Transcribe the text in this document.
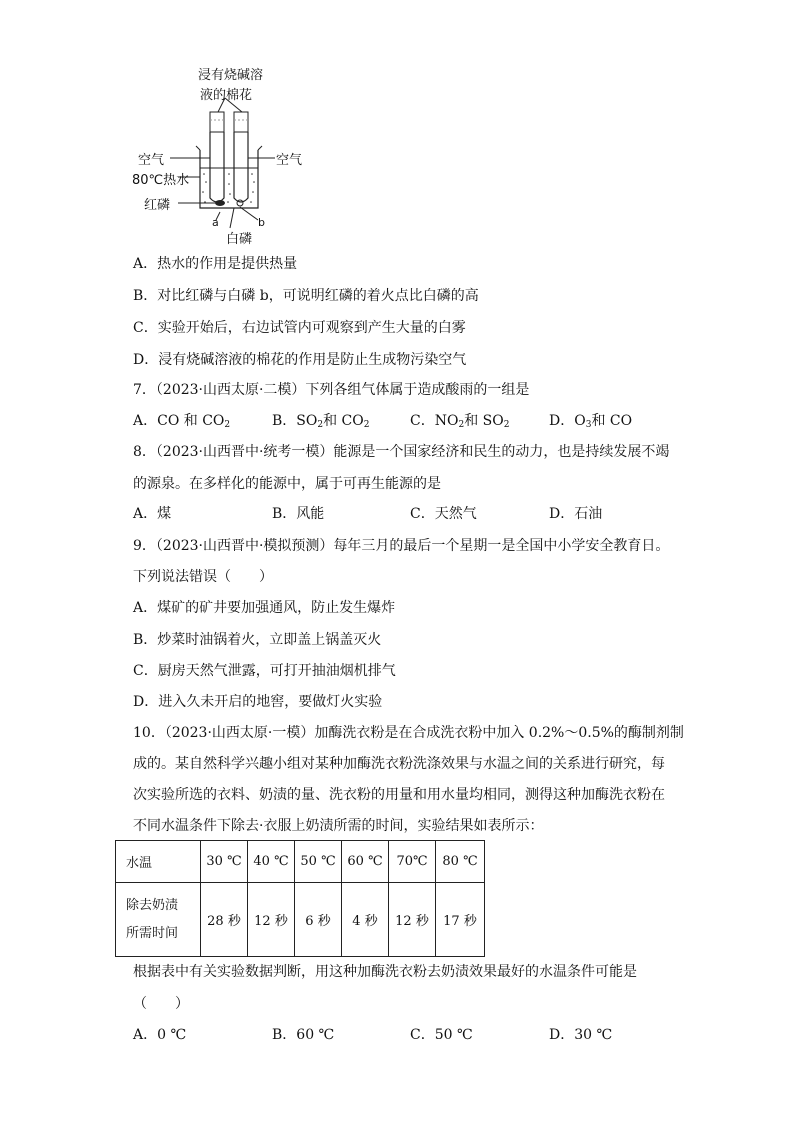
浸有烧碱溶
液的棉花
空气	空气
80℃热水
红磷
a	b
白磷
A．热水的作用是提供热量
B．对比红磷与白磷 b，可说明红磷的着火点比白磷的高
C．实验开始后，右边试管内可观察到产生大量的白雾
D．浸有烧碱溶液的棉花的作用是防止生成物污染空气
7．（2023·山西太原·二模）下列各组气体属于造成酸雨的一组是
A．CO 和 $CO_2$	B．$SO_2$和 $CO_2$	C．$NO_2$和 $SO_2$	D．$O_3$和 CO
8．（2023·山西晋中·统考一模）能源是一个国家经济和民生的动力，也是持续发展不竭
的源泉。在多样化的能源中，属于可再生能源的是
A．煤	B．风能	C．天然气	D．石油
9．（2023·山西晋中·模拟预测）每年三月的最后一个星期一是全国中小学安全教育日。
下列说法错误（　　）
A．煤矿的矿井要加强通风，防止发生爆炸
B．炒菜时油锅着火，立即盖上锅盖灭火
C．厨房天然气泄露，可打开抽油烟机排气
D．进入久未开启的地窖，要做灯火实验
10．（2023·山西太原·一模）加酶洗衣粉是在合成洗衣粉中加入 0.2%～0.5%的酶制剂制
成的。某自然科学兴趣小组对某种加酶洗衣粉洗涤效果与水温之间的关系进行研究，每
次实验所选的衣料、奶渍的量、洗衣粉的用量和用水量均相同，测得这种加酶洗衣粉在
不同水温条件下除去·衣服上奶渍所需的时间，实验结果如表所示：
水温	30 ℃	40 ℃	50 ℃	60 ℃	70℃	80 ℃

除去奶渍
所需时间	28 秒	12 秒	6 秒	4 秒	12 秒	17 秒
根据表中有关实验数据判断，用这种加酶洗衣粉去奶渍效果最好的水温条件可能是
（　　）
A．0 ℃	B．60 ℃	C．50 ℃	D．30 ℃
